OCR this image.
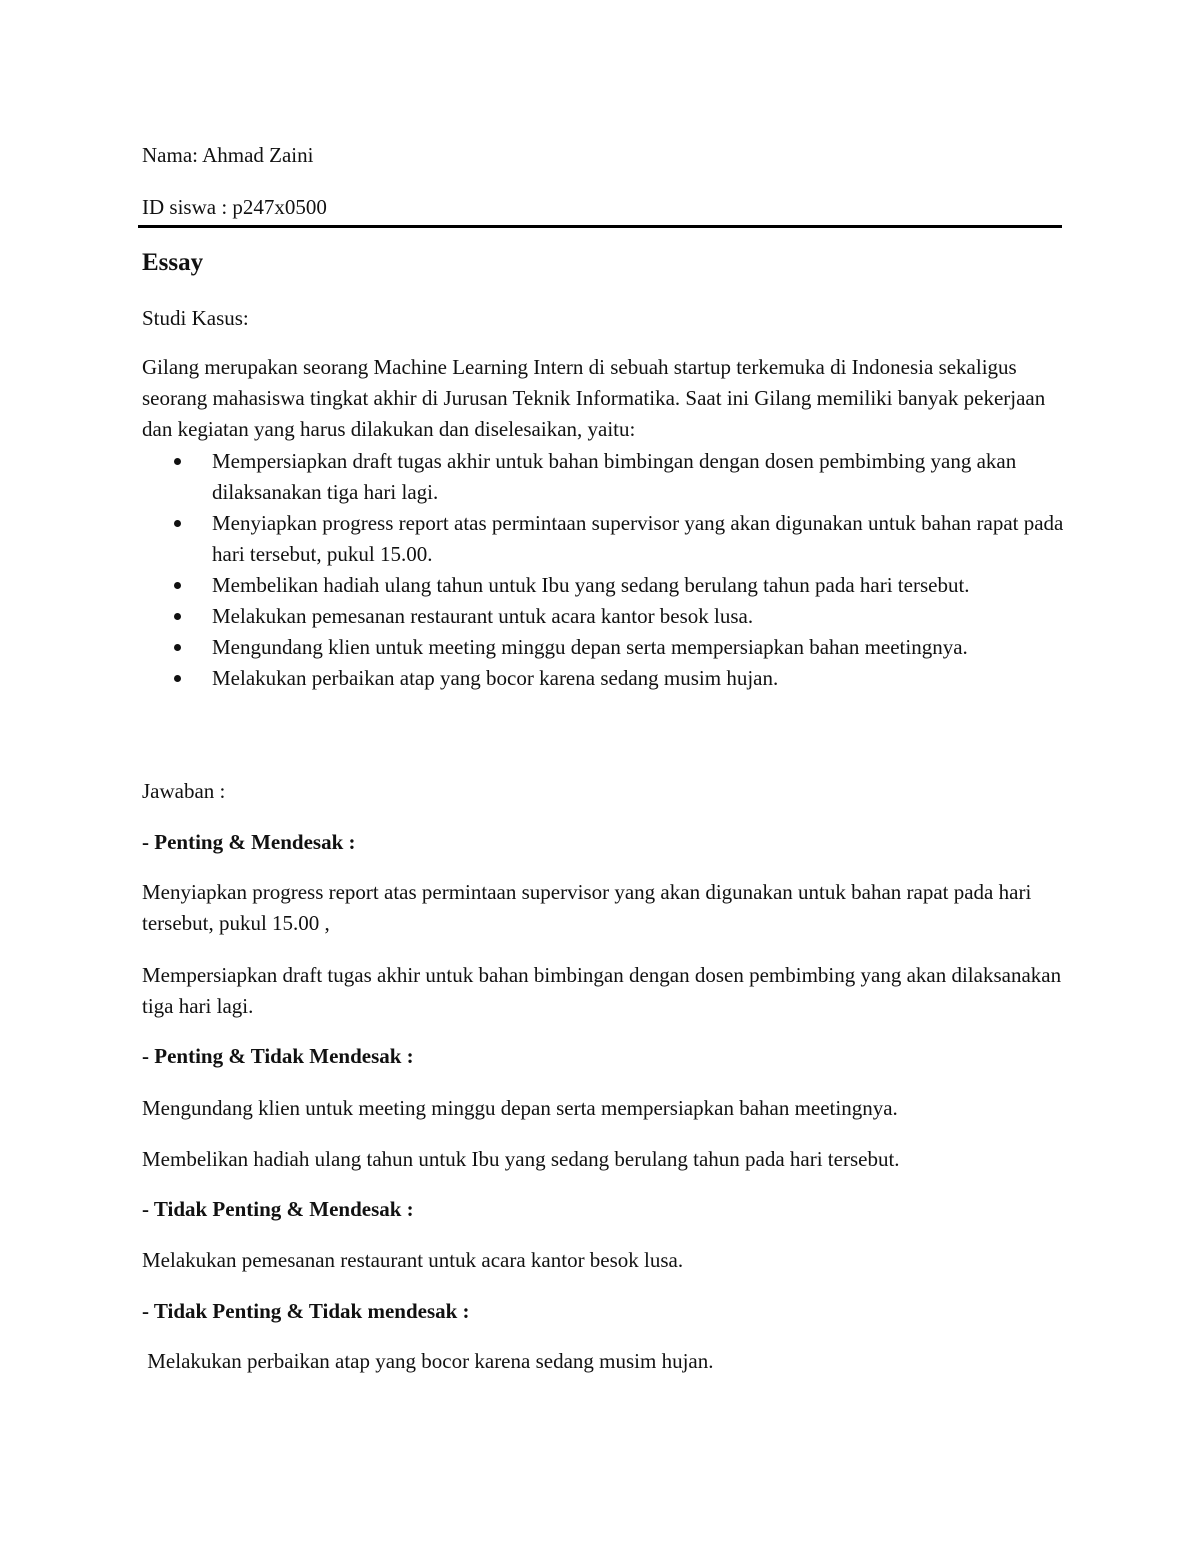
Nama: Ahmad Zaini

ID siswa : p247x0500

Essay

Studi Kasus:

Gilang merupakan seorang Machine Learning Intern di sebuah startup terkemuka di Indonesia sekaligus seorang mahasiswa tingkat akhir di Jurusan Teknik Informatika. Saat ini Gilang memiliki banyak pekerjaan dan kegiatan yang harus dilakukan dan diselesaikan, yaitu:

Mempersiapkan draft tugas akhir untuk bahan bimbingan dengan dosen pembimbing yang akan dilaksanakan tiga hari lagi.
Menyiapkan progress report atas permintaan supervisor yang akan digunakan untuk bahan rapat pada hari tersebut, pukul 15.00.
Membelikan hadiah ulang tahun untuk Ibu yang sedang berulang tahun pada hari tersebut.
Melakukan pemesanan restaurant untuk acara kantor besok lusa.
Mengundang klien untuk meeting minggu depan serta mempersiapkan bahan meetingnya.
Melakukan perbaikan atap yang bocor karena sedang musim hujan.

Jawaban :

- Penting & Mendesak :

Menyiapkan progress report atas permintaan supervisor yang akan digunakan untuk bahan rapat pada hari tersebut, pukul 15.00 ,

Mempersiapkan draft tugas akhir untuk bahan bimbingan dengan dosen pembimbing yang akan dilaksanakan tiga hari lagi.

- Penting & Tidak Mendesak :

Mengundang klien untuk meeting minggu depan serta mempersiapkan bahan meetingnya.

Membelikan hadiah ulang tahun untuk Ibu yang sedang berulang tahun pada hari tersebut.

- Tidak Penting & Mendesak :

Melakukan pemesanan restaurant untuk acara kantor besok lusa.

- Tidak Penting & Tidak mendesak :

Melakukan perbaikan atap yang bocor karena sedang musim hujan.
